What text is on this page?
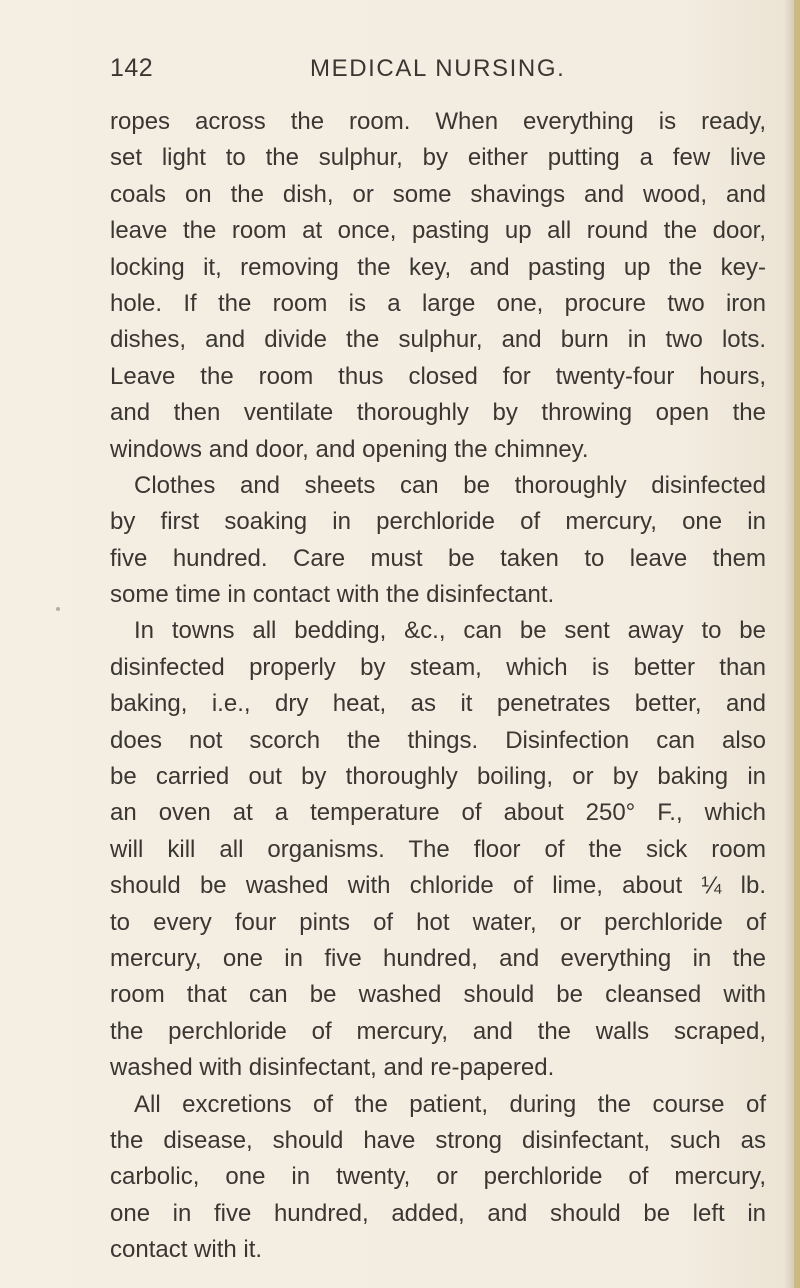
142	MEDICAL NURSING.
ropes across the room. When everything is ready,
set light to the sulphur, by either putting a few live
coals on the dish, or some shavings and wood, and
leave the room at once, pasting up all round the door,
locking it, removing the key, and pasting up the key-
hole. If the room is a large one, procure two iron
dishes, and divide the sulphur, and burn in two lots.
Leave the room thus closed for twenty-four hours,
and then ventilate thoroughly by throwing open the
windows and door, and opening the chimney.
Clothes and sheets can be thoroughly disinfected
by first soaking in perchloride of mercury, one in
five hundred. Care must be taken to leave them
some time in contact with the disinfectant.
In towns all bedding, &c., can be sent away to be
disinfected properly by steam, which is better than
baking, i.e., dry heat, as it penetrates better, and
does not scorch the things. Disinfection can also
be carried out by thoroughly boiling, or by baking in
an oven at a temperature of about 250° F., which
will kill all organisms. The floor of the sick room
should be washed with chloride of lime, about ¼ lb.
to every four pints of hot water, or perchloride of
mercury, one in five hundred, and everything in the
room that can be washed should be cleansed with
the perchloride of mercury, and the walls scraped,
washed with disinfectant, and re-papered.
All excretions of the patient, during the course of
the disease, should have strong disinfectant, such as
carbolic, one in twenty, or perchloride of mercury,
one in five hundred, added, and should be left in
contact with it.
